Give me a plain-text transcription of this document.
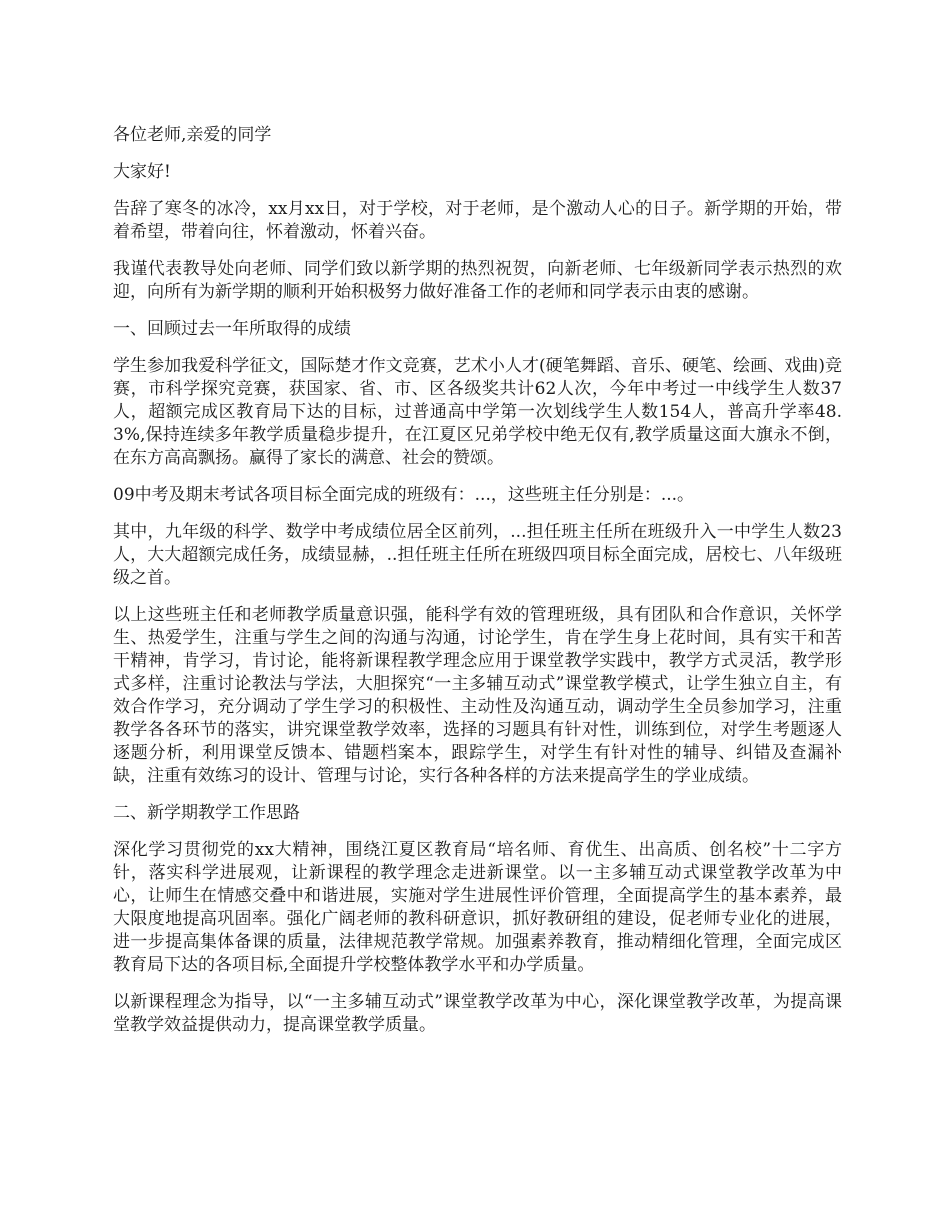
各位老师,亲爱的同学

大家好!

告辞了寒冬的冰冷，xx月xx日，对于学校，对于老师，是个激动人心的日子。新学期的开始，带着希望，带着向往，怀着激动，怀着兴奋。

我谨代表教导处向老师、同学们致以新学期的热烈祝贺，向新老师、七年级新同学表示热烈的欢迎，向所有为新学期的顺利开始积极努力做好准备工作的老师和同学表示由衷的感谢。

一、回顾过去一年所取得的成绩

学生参加我爱科学征文，国际楚才作文竞赛，艺术小人才(硬笔舞蹈、音乐、硬笔、绘画、戏曲)竞赛，市科学探究竞赛，获国家、省、市、区各级奖共计62人次，今年中考过一中线学生人数37人，超额完成区教育局下达的目标，过普通高中学第一次划线学生人数154人，普高升学率48.3%,保持连续多年教学质量稳步提升，在江夏区兄弟学校中绝无仅有,教学质量这面大旗永不倒，在东方高高飘扬。赢得了家长的满意、社会的赞颂。

09中考及期末考试各项目标全面完成的班级有：...，这些班主任分别是：...。

其中，九年级的科学、数学中考成绩位居全区前列，...担任班主任所在班级升入一中学生人数23人，大大超额完成任务，成绩显赫，..担任班主任所在班级四项目标全面完成，居校七、八年级班级之首。

以上这些班主任和老师教学质量意识强，能科学有效的管理班级，具有团队和合作意识，关怀学生、热爱学生，注重与学生之间的沟通与沟通，讨论学生，肯在学生身上花时间，具有实干和苦干精神，肯学习，肯讨论，能将新课程教学理念应用于课堂教学实践中，教学方式灵活，教学形式多样，注重讨论教法与学法，大胆探究“一主多辅互动式”课堂教学模式，让学生独立自主，有效合作学习，充分调动了学生学习的积极性、主动性及沟通互动，调动学生全员参加学习，注重教学各各环节的落实，讲究课堂教学效率，选择的习题具有针对性，训练到位，对学生考题逐人逐题分析，利用课堂反馈本、错题档案本，跟踪学生，对学生有针对性的辅导、纠错及查漏补缺，注重有效练习的设计、管理与讨论，实行各种各样的方法来提高学生的学业成绩。

二、新学期教学工作思路

深化学习贯彻党的xx大精神，围绕江夏区教育局“培名师、育优生、出高质、创名校”十二字方针，落实科学进展观，让新课程的教学理念走进新课堂。以一主多辅互动式课堂教学改革为中心，让师生在情感交叠中和谐进展，实施对学生进展性评价管理，全面提高学生的基本素养，最大限度地提高巩固率。强化广阔老师的教科研意识，抓好教研组的建设，促老师专业化的进展，进一步提高集体备课的质量，法律规范教学常规。加强素养教育，推动精细化管理，全面完成区教育局下达的各项目标,全面提升学校整体教学水平和办学质量。

以新课程理念为指导，以“一主多辅互动式”课堂教学改革为中心，深化课堂教学改革，为提高课堂教学效益提供动力，提高课堂教学质量。
